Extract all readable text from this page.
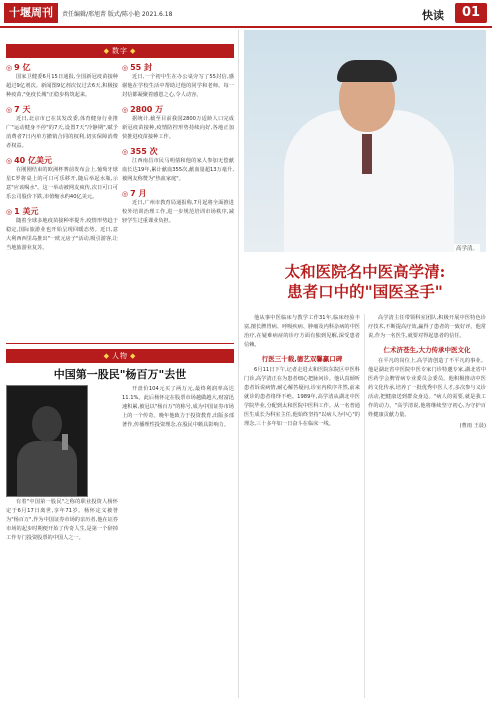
十堰周刊	责任编辑/邢旭菁 版式/陈小艳 2021.6.18	快读	01
◆ 数字 ◆
◎ 9 亿
国家卫健委6月15日通报,全国新冠疫苗接种超过9亿剂次。新闻图9亿剂次仅过去6天,积极接种疫苗,"免疫长城"正稳步构筑起来。
◎ 7 天
近日,北京市已在其发改委,体育健身行业推广"运动健身不停"的7天,设置7天"冷静期",赋予消费者7日内单方撤销合同的权利,切实保障消费者权益。
◎ 40 亿美元
在刚刚结束的欧洲杯赛前发布会上,葡萄牙球星C罗将桌上的可口可乐移开,随后举起水瓶,示意"应该喝水"。这一举动被网友疯传,次日可口可乐公司股价下跌,市值缩水约40亿美元。
◎ 1 美元
随着全球多地疫苗接种率提升,疫情形势趋于稳定,国际旅游业也开始呈现回暖态势。近日,意大利西西里岛推出"一欧元房子"活动,吸引游客,让当地旅游业复苏。
◎ 55 封
近日,一个初中生在办公桌旁写了55封信,感谢他在学校生活中帮助过他的同学和老师。每一封信都凝聚着感恩之心,令人动容。
◎ 2800 万
据统计,截至目前我国2800万适龄人口完成新冠疫苗接种,疫情防控形势持续向好,各地正加快推进疫苗接种工作。
◎ 355 次
江西南昌市民马明倩和他的家人参加无偿献血长达19年,累计献血355次,献血量超13万毫升,被网友称赞为"热血家庭"。
◎ 7 月
近日,广州市教育局通报称,7月起将全面推进校外培训治理工作,进一步规范培训市场秩序,减轻学生过重课业负担。
◆ 人物 ◆
中国第一股民"杨百万"去世
有着"中国第一股民"之称的职业投资人杨怀定于6月17日离世,享年71岁。杨怀定义被誉为"杨百万",作为中国证券市场的亲历者,他在证券市场的起步时期便开始了传奇人生,是第一个辞掉工作专门投资股票的中国人之一。
开盘价104元买了两万元,最终利润率高达11.1%。此后杨怀定在股票市场越做越大,财富迅速积累,被冠以"杨百万"的称号,成为中国证券市场上的一个传奇。晚年他致力于投资教育,出版多部著作,传播理性投资理念,在股民中颇具影响力。
高学清。
太和医院名中医高学清:
患者口中的"国医圣手"
他从事中医临床与教学工作31年,临床经验丰富,擅长脾胃病、呼吸疾病、肿瘤及内科杂病的中医治疗,在疑难病症的诊疗方面有独到见解,深受患者信赖。
行医三十载,德艺双馨赢口碑
6月11日下午,记者走进太和医院东院区中医科门诊,高学清正在为患者细心把脉问诊。他认真倾听患者诉说病情,耐心解答疑问,诊室内秩序井然,前来就诊的患者络绎不绝。1989年,高学清从湖北中医学院毕业,分配到太和医院中医科工作。从一名普通医生成长为科室主任,他始终坚持"以病人为中心"的理念,三十多年如一日奋斗在临床一线。
高学清主任带领科室团队,积极开展中医特色诊疗技术,不断提高疗效,赢得了患者的一致好评。他常说,作为一名医生,就要对得起患者的信任。
仁术济苍生,大力传承中医文化
在平凡的岗位上,高学清创造了不平凡的事业。他是湖北省中医院中医专家门诊特邀专家,湖北省中医药学会脾胃病专业委员会委员。他积极推动中医药文化传承,培养了一批优秀中医人才,多次参与义诊活动,把健康送到群众身边。"病人的需要,就是我工作的动力。"高学清说,他将继续坚守初心,为守护百姓健康贡献力量。
(曹雨 王晨)
